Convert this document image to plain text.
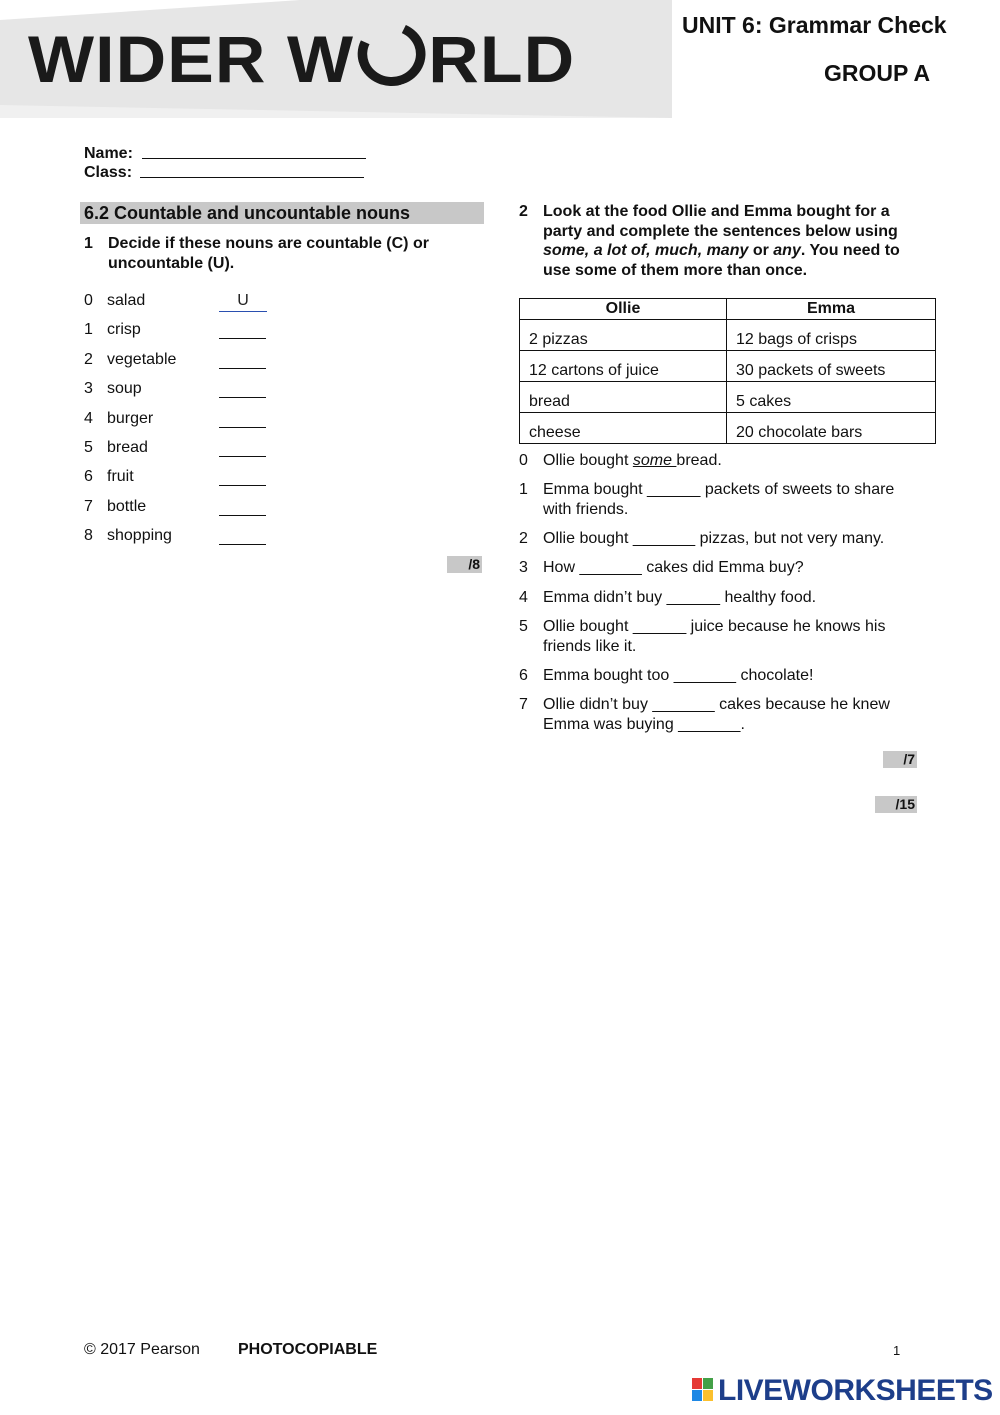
WIDER W RLD	UNIT 6: Grammar Check
GROUP A
Name:
Class:
6.2 Countable and uncountable nouns
1 Decide if these nouns are countable (C) or uncountable (U).
0 salad	U
1 crisp
2 vegetable
3 soup
4 burger
5 bread
6 fruit
7 bottle
8 shopping
/8
2 Look at the food Ollie and Emma bought for a party and complete the sentences below using some, a lot of, much, many or any. You need to use some of them more than once.
Ollie	Emma
2 pizzas	12 bags of crisps
12 cartons of juice	30 packets of sweets
bread	5 cakes
cheese	20 chocolate bars
0 Ollie bought some bread.
1 Emma bought ______ packets of sweets to share with friends.
2 Ollie bought _______ pizzas, but not very many.
3 How _______ cakes did Emma buy?
4 Emma didn’t buy ______ healthy food.
5 Ollie bought ______ juice because he knows his friends like it.
6 Emma bought too _______ chocolate!
7 Ollie didn’t buy _______ cakes because he knew Emma was buying _______.
/7
/15
© 2017 Pearson PHOTOCOPIABLE	1
LIVEWORKSHEETS
